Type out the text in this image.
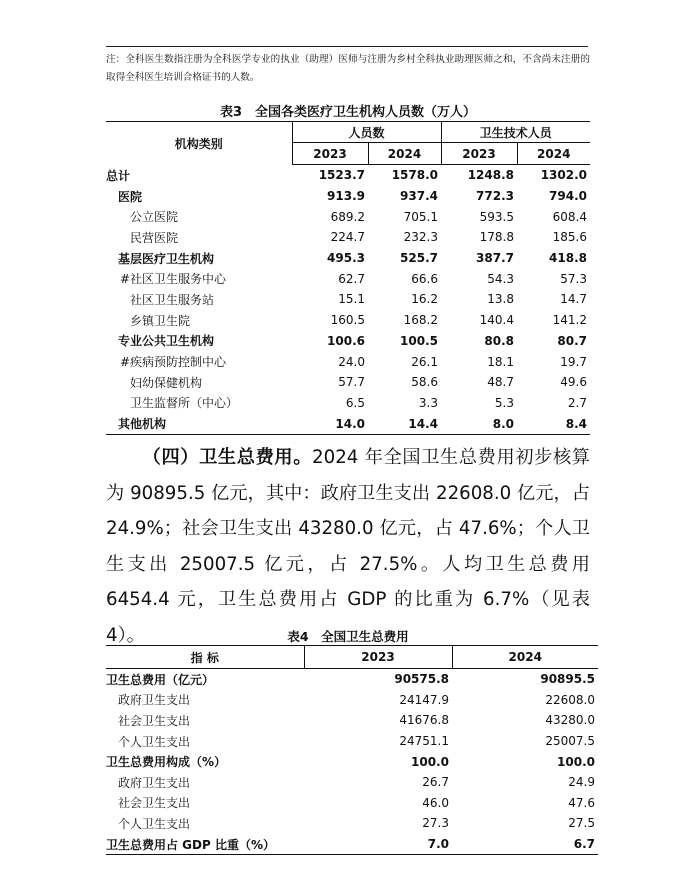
注：全科医生数指注册为全科医学专业的执业（助理）医师与注册为乡村全科执业助理医师之和，不含尚未注册的取得全科医生培训合格证书的人数。
表3　全国各类医疗卫生机构人员数（万人）
机构类别	人员数		卫生技术人员	
	2023	2024	2023	2024
总计	1523.7	1578.0	1248.8	1302.0
医院	913.9	937.4	772.3	794.0
公立医院	689.2	705.1	593.5	608.4
民营医院	224.7	232.3	178.8	185.6
基层医疗卫生机构	495.3	525.7	387.7	418.8
#社区卫生服务中心	62.7	66.6	54.3	57.3
社区卫生服务站	15.1	16.2	13.8	14.7
乡镇卫生院	160.5	168.2	140.4	141.2
专业公共卫生机构	100.6	100.5	80.8	80.7
#疾病预防控制中心	24.0	26.1	18.1	19.7
妇幼保健机构	57.7	58.6	48.7	49.6
卫生监督所（中心）	6.5	3.3	5.3	2.7
其他机构	14.0	14.4	8.0	8.4
（四）卫生总费用。2024 年全国卫生总费用初步核算为 90895.5 亿元，其中：政府卫生支出 22608.0 亿元，占 24.9%；社会卫生支出 43280.0 亿元，占 47.6%；个人卫生支出 25007.5 亿元，占 27.5%。人均卫生总费用 6454.4 元，卫生总费用占 GDP 的比重为 6.7%（见表 4）。	表4　全国卫生总费用
指 标	2023	2024
卫生总费用（亿元）	90575.8	90895.5
政府卫生支出	24147.9	22608.0
社会卫生支出	41676.8	43280.0
个人卫生支出	24751.1	25007.5
卫生总费用构成（%）	100.0	100.0
政府卫生支出	26.7	24.9
社会卫生支出	46.0	47.6
个人卫生支出	27.3	27.5
卫生总费用占 GDP 比重（%）	7.0	6.7
